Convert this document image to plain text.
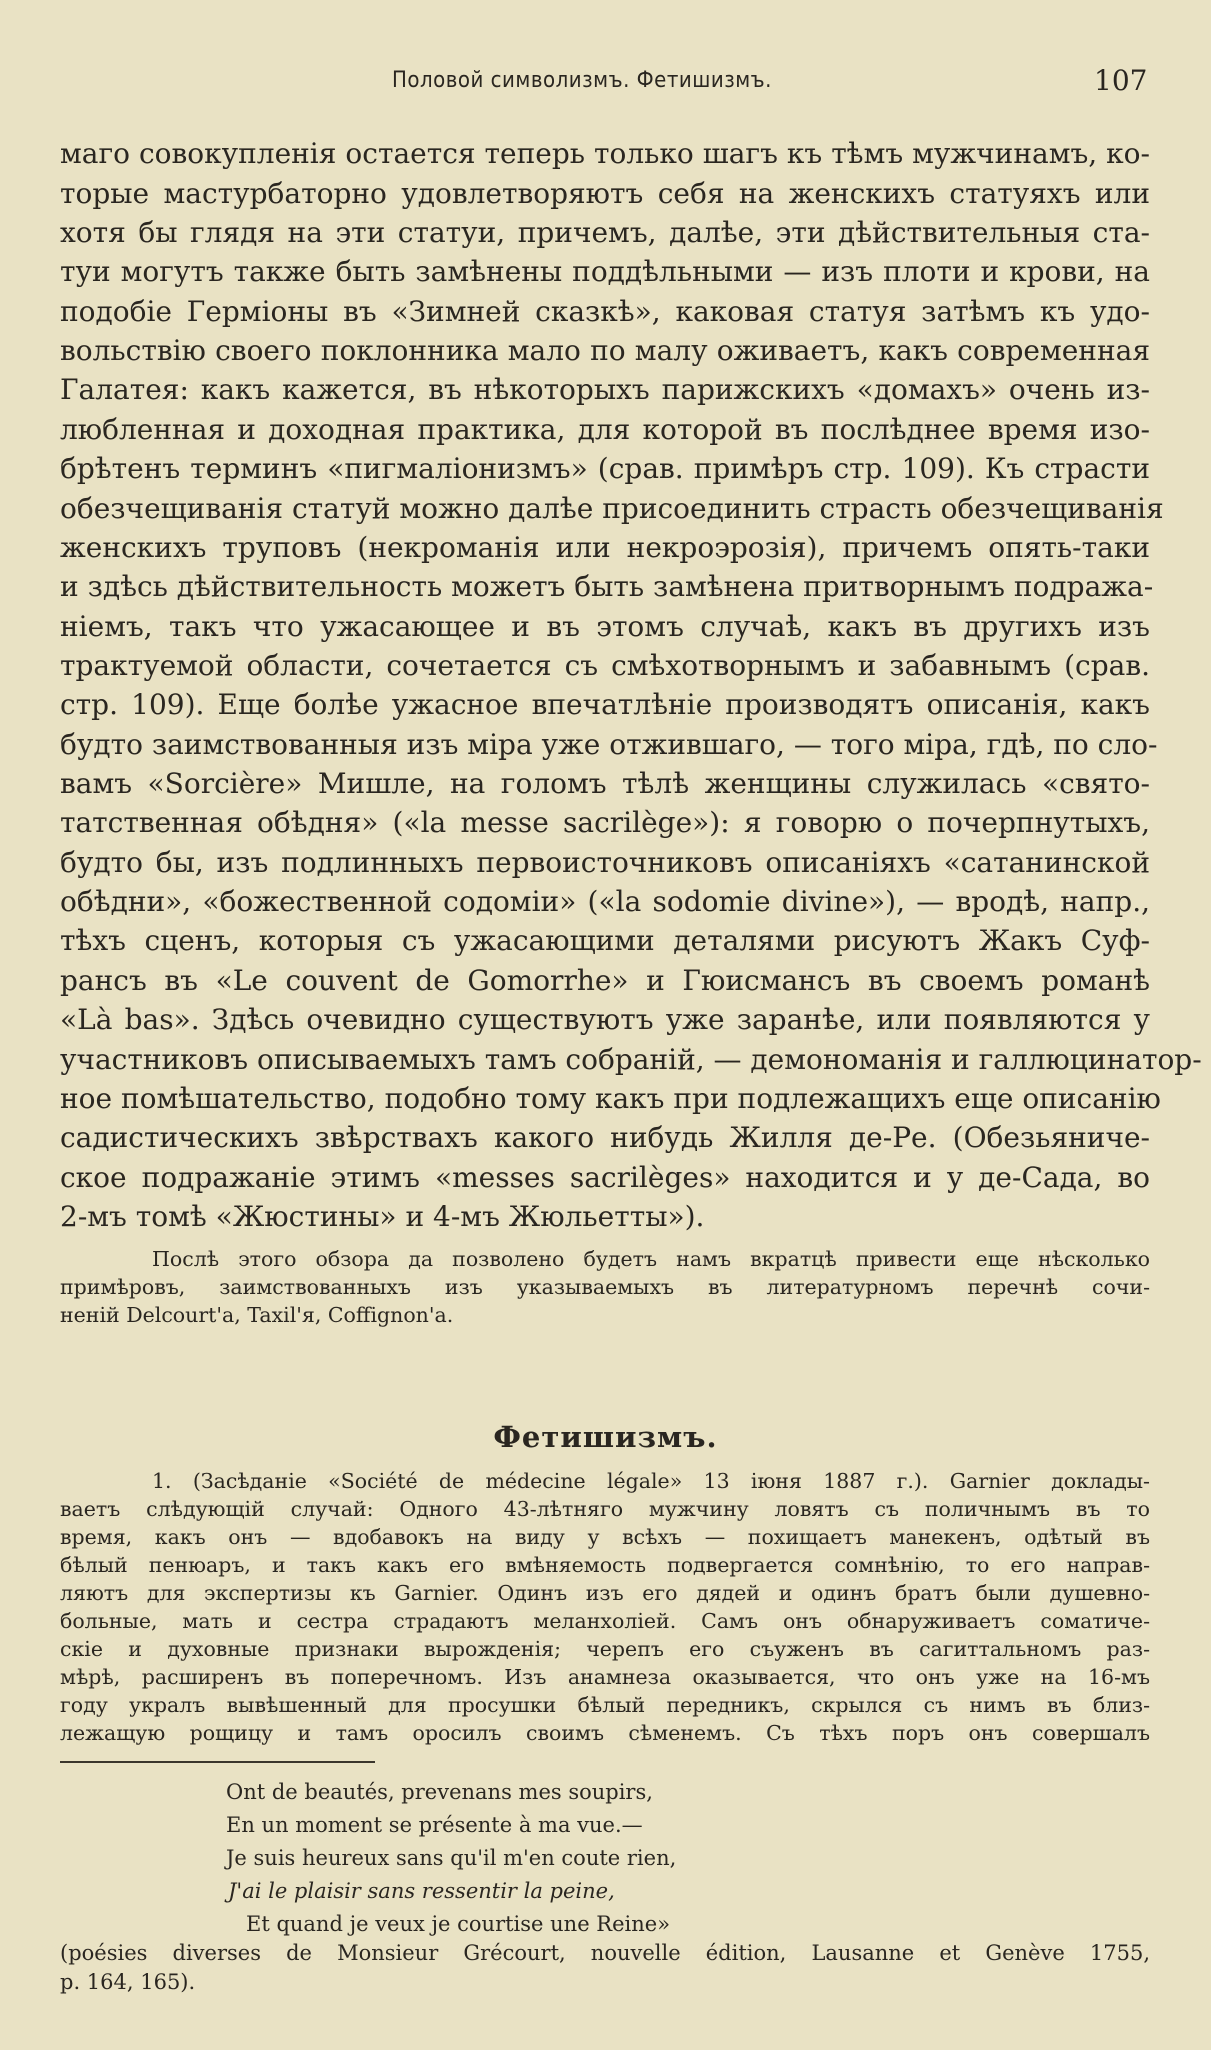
Половой символизмъ. Фетишизмъ.	107
маго совокупленія остается теперь только шагъ къ тѣмъ мужчинамъ, ко-
торые мастурбаторно удовлетворяютъ себя на женскихъ статуяхъ или
хотя бы глядя на эти статуи, причемъ, далѣе, эти дѣйствительныя ста-
туи могутъ также быть замѣнены поддѣльными — изъ плоти и крови, на
подобіе Герміоны въ «Зимней сказкѣ», каковая статуя затѣмъ къ удо-
вольствію своего поклонника мало по малу оживаетъ, какъ современная
Галатея: какъ кажется, въ нѣкоторыхъ парижскихъ «домахъ» очень из-
любленная и доходная практика, для которой въ послѣднее время изо-
брѣтенъ терминъ «пигмаліонизмъ» (срав. примѣръ стр. 109). Къ страсти
обезчещиванія статуй можно далѣе присоединить страсть обезчещиванія
женскихъ труповъ (некроманія или некроэрозія), причемъ опять-таки
и здѣсь дѣйствительность можетъ быть замѣнена притворнымъ подража-
ніемъ, такъ что ужасающее и въ этомъ случаѣ, какъ въ другихъ изъ
трактуемой области, сочетается съ смѣхотворнымъ и забавнымъ (срав.
стр. 109). Еще болѣе ужасное впечатлѣніе производятъ описанія, какъ
будто заимствованныя изъ міра уже отжившаго, — того міра, гдѣ, по сло-
вамъ «Sorcière» Мишле, на голомъ тѣлѣ женщины служилась «свято-
татственная обѣдня» («la messe sacrilège»): я говорю о почерпнутыхъ,
будто бы, изъ подлинныхъ первоисточниковъ описаніяхъ «сатанинской
обѣдни», «божественной содоміи» («la sodomie divine»), — вродѣ, напр.,
тѣхъ сценъ, которыя съ ужасающими деталями рисуютъ Жакъ Суф-
рансъ въ «Le couvent de Gomorrhe» и Гюисмансъ въ своемъ романѣ
«Là bas». Здѣсь очевидно существуютъ уже заранѣе, или появляются у
участниковъ описываемыхъ тамъ собраній, — демономанія и галлюцинатор-
ное помѣшательство, подобно тому какъ при подлежащихъ еще описанію
садистическихъ звѣрствахъ какого нибудь Жилля де-Ре. (Обезьяничe-
ское подражаніе этимъ «messes sacrilèges» находится и у де-Сада, во
2-мъ томѣ «Жюстины» и 4-мъ Жюльетты»).
Послѣ этого обзора да позволено будетъ намъ вкратцѣ привести еще нѣсколько
примѣровъ, заимствованныхъ изъ указываемыхъ въ литературномъ перечнѣ сочи-
неній Delcourt'a, Taxil'я, Coffignon'a.
Фетишизмъ.
1. (Засѣданіе «Société de médecine légale» 13 іюня 1887 г.). Garnier доклады-
ваетъ слѣдующій случай: Одного 43-лѣтняго мужчину ловятъ съ поличнымъ въ то
время, какъ онъ — вдобавокъ на виду у всѣхъ — похищаетъ манекенъ, одѣтый въ
бѣлый пенюаръ, и такъ какъ его вмѣняемость подвергается сомнѣнію, то его направ-
ляютъ для экспертизы къ Garnier. Одинъ изъ его дядей и одинъ братъ были душевно-
больные, мать и сестра страдаютъ меланхоліей. Самъ онъ обнаруживаетъ соматиче-
скіе и духовные признаки вырожденія; черепъ его съуженъ въ сагиттальномъ раз-
мѣрѣ, расширенъ въ поперечномъ. Изъ анамнеза оказывается, что онъ уже на 16-мъ
году укралъ вывѣшенный для просушки бѣлый передникъ, скрылся съ нимъ въ близ-
лежащую рощицу и тамъ оросилъ своимъ сѣменемъ. Съ тѣхъ поръ онъ совершалъ
Ont de beautés, prevenans mes soupirs,
En un moment se présente à ma vue.—
Je suis heureux sans qu'il m'en coute rien,
J'ai le plaisir sans ressentir la peine,
Et quand je veux je courtise une Reine»
(poésies diverses de Monsieur Grécourt, nouvelle édition, Lausanne et Genève 1755,
p. 164, 165).
